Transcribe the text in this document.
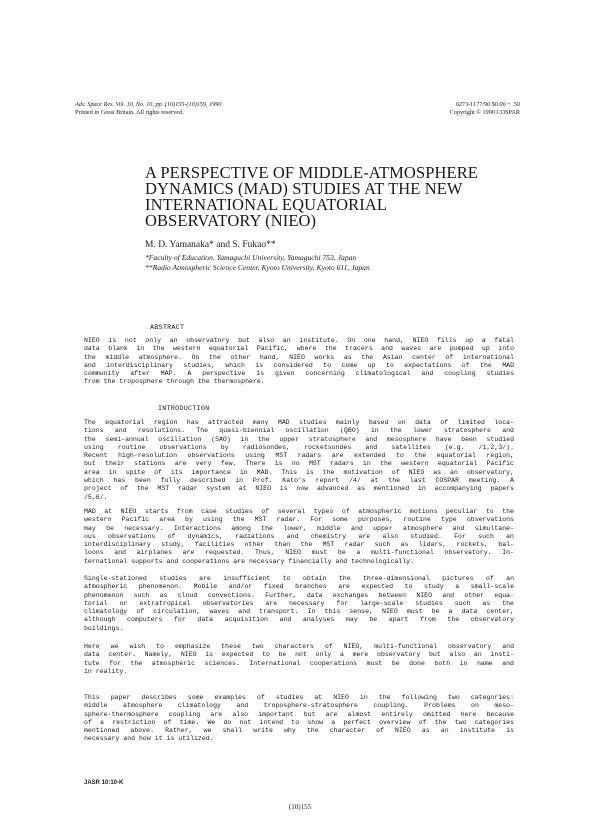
Adv. Space Res. Vol. 10, No. 10, pp. (10)155-(10)159, 1990
Printed in Great Britain. All rights reserved.
0273-1177/90 $0.00 + .50
Copyright © 1990 COSPAR
A PERSPECTIVE OF MIDDLE-ATMOSPHERE
DYNAMICS (MAD) STUDIES AT THE NEW
INTERNATIONAL EQUATORIAL
OBSERVATORY (NIEO)
M. D. Yamanaka* and S. Fukao**
*Faculty of Education, Yamaguchi University, Yamaguchi 753, Japan
**Radio Atmospheric Science Center, Kyoto University, Kyoto 611, Japan
ABSTRACT
NIEO is not only an observatory but also an institute. On one hand, NIEO fills up a fatal
data blank in the western equatorial Pacific, where the tracers and waves are pumped up into
the middle atmosphere. On the other hand, NIEO works as the Asian center of international
and interdisciplinary studies, which is considered to come up to expectations of the MAD
community after MAP. A perspective is given concerning climatological and coupling studies
from the troposphere through the thermosphere.
INTRODUCTION
The equatorial region has attracted many MAD studies mainly based on data of limited loca-
tions and resolutions. The quasi-biennial oscillation (QBO) in the lower stratosphere and
the semi-annual oscillation (SAO) in the upper stratosphere and mesosphere have been studied
using routine observations by radiosondes, rocketsondes and satellites (e.g. /1,2,3/).
Recent high-resolution observations using MST radars are extended to the equatorial region,
but their stations are very few. There is no MST radars in the western equatorial Pacific
area in spite of its importance in MAD. This is the motivation of NIEO as an observatory,
which has been fully described in Prof. Kato's report /4/ at the last COSPAR meeting. A
project of the MST radar system at NIEO is now advanced as mentioned in accompanying papers
/5,6/.
MAD at NIEO starts from case studies of several types of atmospheric motions peculiar to the
western Pacific area by using the MST radar. For some purposes, routine type observations
may be necessary. Interactions among the lower, middle and upper atmosphere and simultane-
ous observations of dynamics, radiations and chemistry are also studied. For such an
interdisciplinary study, facilities other than the MST radar such as lidars, rockets, bal-
loons and airplanes are requested. Thus, NIEO must be a multi-functional observatory. In-
ternational supports and cooperations are necessary financially and technologically.
Single-stationed studies are insufficient to obtain the three-dimensional pictures of an
atmospheric phenomenon. Mobile and/or fixed branches are expected to study a small-scale
phenomenon such as cloud convections. Further, data exchanges between NIEO and other equa-
torial or extratropical observatories are necessary for large-scale studies such as the
climatology of circulation, waves and transport. In this sense, NIEO must be a data center,
although computers for data acquisition and analyses may be apart from the observatory
buildings.
Here we wish to emphasize these two characters of NIEO, multi-functional observatory and
data center. Namely, NIEO is expected to be not only a mere observatory but also an insti-
tute for the atmospheric sciences. International cooperations must be done both in name and
in reality.
This paper describes some examples of studies at NIEO in the following two categories:
middle atmosphere climatology and troposphere-stratosphere coupling. Problems on meso-
sphere-thermosphere coupling are also important but are almost entirely omitted here because
of a restriction of time. We do not intend to show a perfect overview of the two categories
mentioned above. Rather, we shall write why the character of NIEO as an institute is
necessary and how it is utilized.
JASR 10:10-K
(10)155
